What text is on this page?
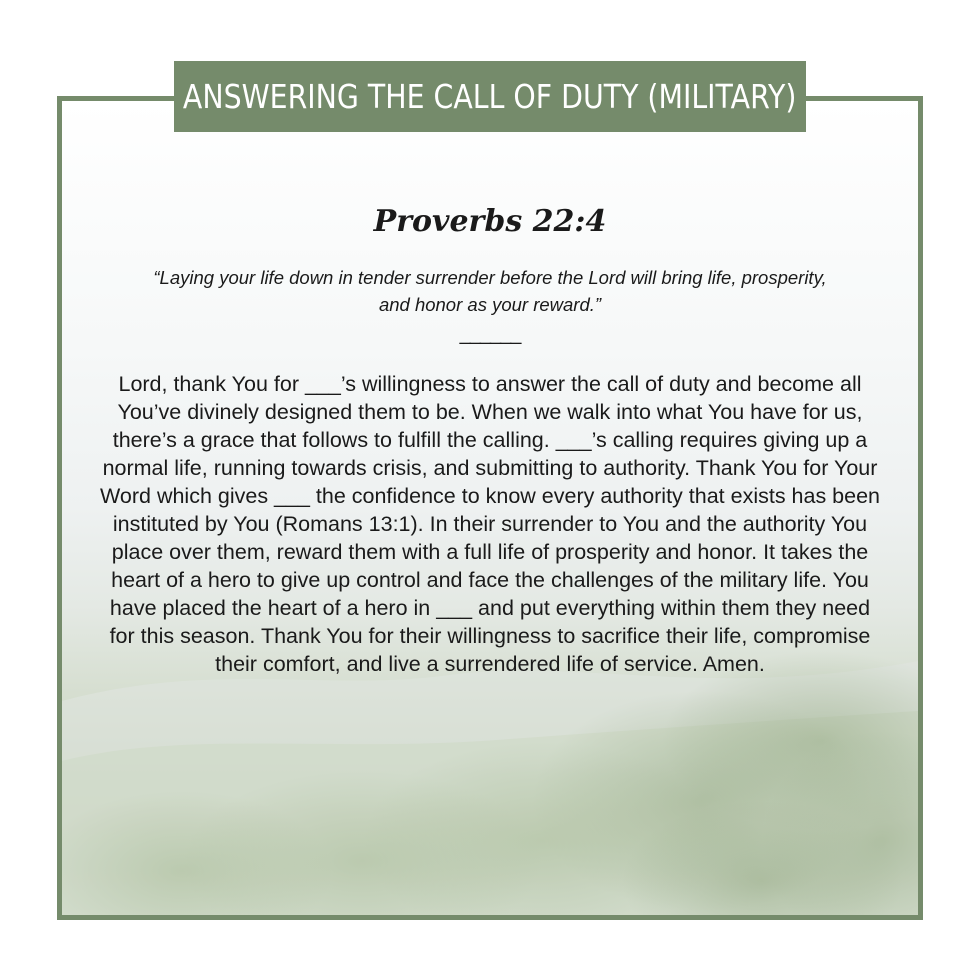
ANSWERING THE CALL OF DUTY (MILITARY)

Proverbs 22:4

“Laying your life down in tender surrender before the Lord will bring life, prosperity, and honor as your reward.”

______

Lord, thank You for ___’s willingness to answer the call of duty and become all You’ve divinely designed them to be. When we walk into what You have for us, there’s a grace that follows to fulfill the calling. ___’s calling requires giving up a normal life, running towards crisis, and submitting to authority. Thank You for Your Word which gives ___ the confidence to know every authority that exists has been instituted by You (Romans 13:1). In their surrender to You and the authority You place over them, reward them with a full life of prosperity and honor. It takes the heart of a hero to give up control and face the challenges of the military life. You have placed the heart of a hero in ___ and put everything within them they need for this season. Thank You for their willingness to sacrifice their life, compromise their comfort, and live a surrendered life of service. Amen.
